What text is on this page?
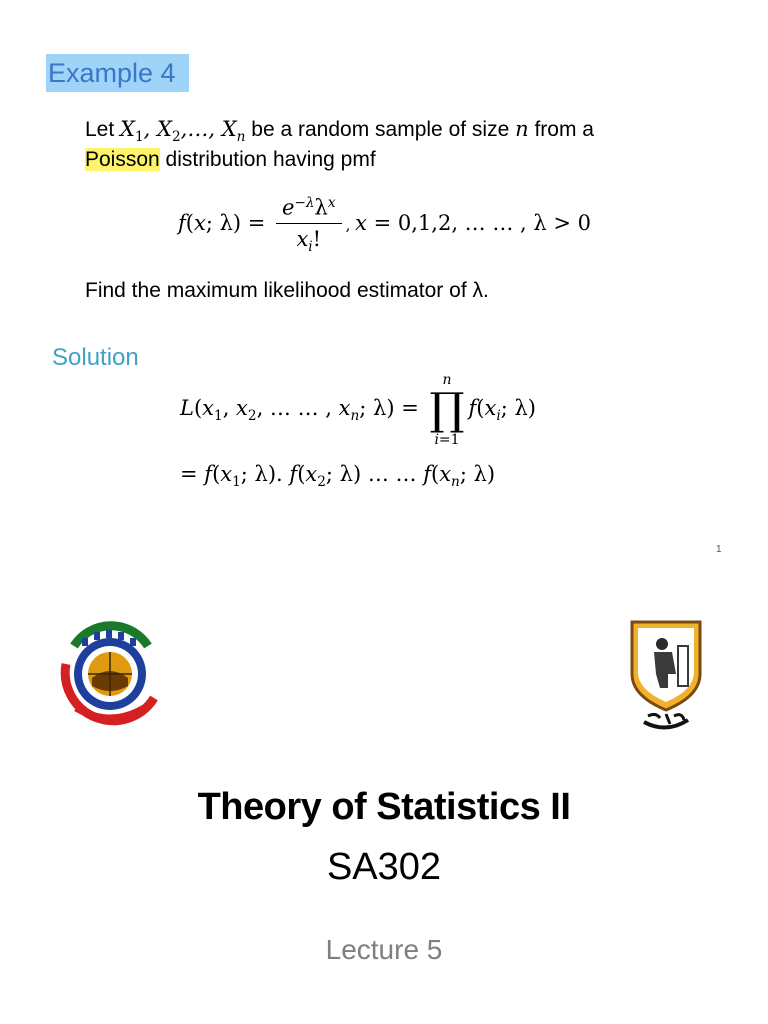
Example 4
Let $X_1$, $X_2,\dots$, $X_n$ be a random sample of size n from a
Poisson distribution having pmf
f(x; $\lambda) = \frac{e^{-\lambda}\lambda^x}{x_i!}$ , x = 0,1,2, … … , λ > 0
Find the maximum likelihood estimator of λ.
Solution
$L(x_1$, $x_2$, … … , $x_n$; λ) = n
∏
$i=1f(x_i$; λ)
= $f(x_1$; λ). $f(x_2$; λ) … … $f(x_n$; λ)
1
Theory of Statistics II
SA302
Lecture 5
